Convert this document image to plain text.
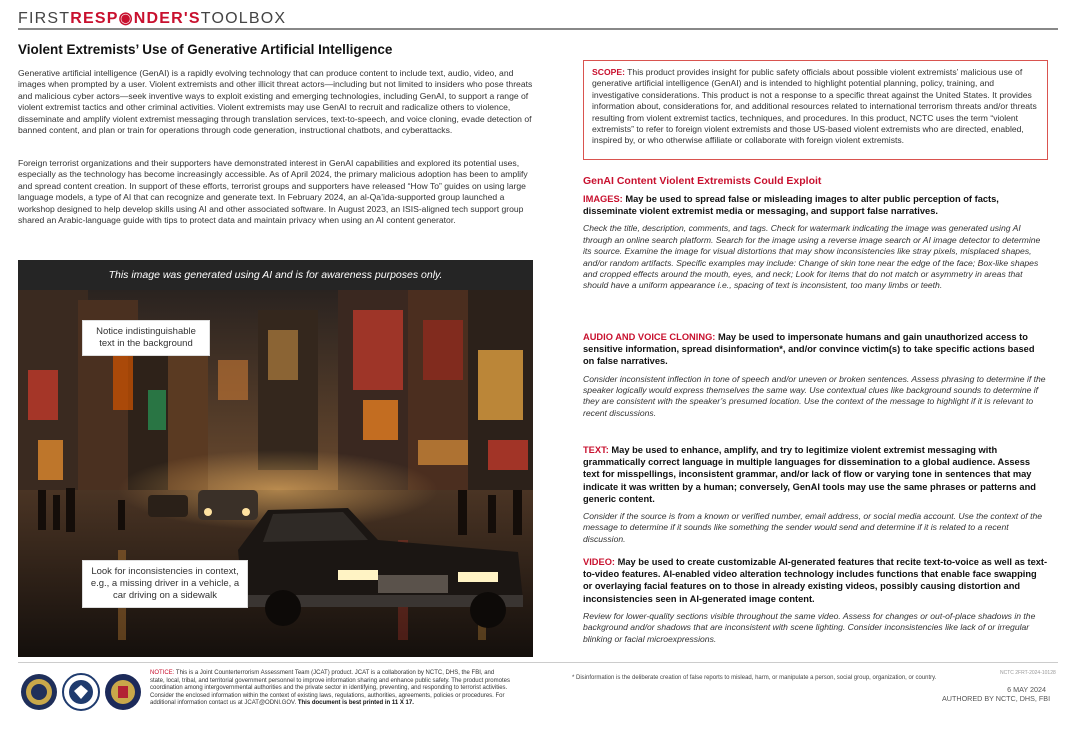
FIRSTRESP◉NDER'STOOLBOX
Violent Extremists’ Use of Generative Artificial Intelligence
Generative artificial intelligence (GenAI) is a rapidly evolving technology that can produce content to include text, audio, video, and images when prompted by a user. Violent extremists and other illicit threat actors—including but not limited to insiders who pose threats and malicious cyber actors—seek inventive ways to exploit existing and emerging technologies, including GenAI, to support a range of violent extremist tactics and other criminal activities. Violent extremists may use GenAI to recruit and radicalize others to violence, disseminate and amplify violent extremist messaging through translation services, text-to-speech, and voice cloning, evade detection of banned content, and plan or train for operations through code generation, instructional chatbots, and cyberattacks.
Foreign terrorist organizations and their supporters have demonstrated interest in GenAI capabilities and explored its potential uses, especially as the technology has become increasingly accessible. As of April 2024, the primary malicious adoption has been to amplify and spread content creation. In support of these efforts, terrorist groups and supporters have released “How To” guides on using large language models, a type of AI that can recognize and generate text. In February 2024, an al-Qa’ida-supported group launched a workshop designed to help develop skills using AI and other associated software. In August 2023, an ISIS-aligned tech support group shared an Arabic-language guide with tips to protect data and maintain privacy when using an AI content generator.
This image was generated using AI and is for awareness purposes only.
Notice indistinguishable text in the background
Look for inconsistencies in context, e.g., a missing driver in a vehicle, a car driving on a sidewalk
SCOPE: This product provides insight for public safety officials about possible violent extremists’ malicious use of generative artificial intelligence (GenAI) and is intended to highlight potential planning, policy, training, and investigative considerations. This product is not a response to a specific threat against the United States. It provides information about, considerations for, and additional resources related to international terrorism threats and/or threats resulting from violent extremist tactics, techniques, and procedures. In this product, NCTC uses the term “violent extremists” to refer to foreign violent extremists and those US-based violent extremists who are directed, enabled, inspired by, or who otherwise affiliate or collaborate with foreign violent extremists.
GenAI Content Violent Extremists Could Exploit
IMAGES: May be used to spread false or misleading images to alter public perception of facts, disseminate violent extremist media or messaging, and support false narratives.
Check the title, description, comments, and tags. Check for watermark indicating the image was generated using AI through an online search platform. Search for the image using a reverse image search or AI image detector to determine its source. Examine the image for visual distortions that may show inconsistencies like stray pixels, misplaced shapes, and/or random artifacts. Specific examples may include: Change of skin tone near the edge of the face; Box-like shapes and cropped effects around the mouth, eyes, and neck; Look for items that do not match or asymmetry in areas that should have a uniform appearance i.e., spacing of text is inconsistent, too many limbs or teeth.
AUDIO AND VOICE CLONING: May be used to impersonate humans and gain unauthorized access to sensitive information, spread disinformation*, and/or convince victim(s) to take specific actions based on false narratives.
Consider inconsistent inflection in tone of speech and/or uneven or broken sentences. Assess phrasing to determine if the speaker logically would express themselves the same way. Use contextual clues like background sounds to determine if they are consistent with the speaker’s presumed location. Use the context of the message to highlight if it is relevant to recent discussions.
TEXT: May be used to enhance, amplify, and try to legitimize violent extremist messaging with grammatically correct language in multiple languages for dissemination to a global audience. Assess text for misspellings, inconsistent grammar, and/or lack of flow or varying tone in sentences that may indicate it was written by a human; conversely, GenAI tools may use the same phrases or patterns and generic content.
Consider if the source is from a known or verified number, email address, or social media account. Use the context of the message to determine if it sounds like something the sender would send and determine if it is related to a recent discussion.
VIDEO: May be used to create customizable AI-generated features that recite text-to-voice as well as text-to-video features. AI-enabled video alteration technology includes functions that enable face swapping or overlaying facial features on to those in already existing videos, possibly causing distortion and inconsistencies seen in AI-generated image content.
Review for lower-quality sections visible throughout the same video. Assess for changes or out-of-place shadows in the background and/or shadows that are inconsistent with scene lighting. Consider inconsistencies like lack of or irregular blinking or facial microexpressions.
NOTICE: This is a Joint Counterterrorism Assessment Team (JCAT) product. JCAT is a collaboration by NCTC, DHS, the FBI, and state, local, tribal, and territorial government personnel to improve information sharing and enhance public safety. The product promotes coordination among intergovernmental authorities and the private sector in identifying, preventing, and responding to terrorist activities. Consider the enclosed information within the context of existing laws, regulations, authorities, agreements, policies or procedures. For additional information contact us at JCAT@ODNI.GOV. This document is best printed in 11 X 17.
* Disinformation is the deliberate creation of false reports to mislead, harm, or manipulate a person, social group, organization, or country.
NCTC 2FRT-2024-10128
6 MAY 2024
AUTHORED BY NCTC, DHS, FBI
